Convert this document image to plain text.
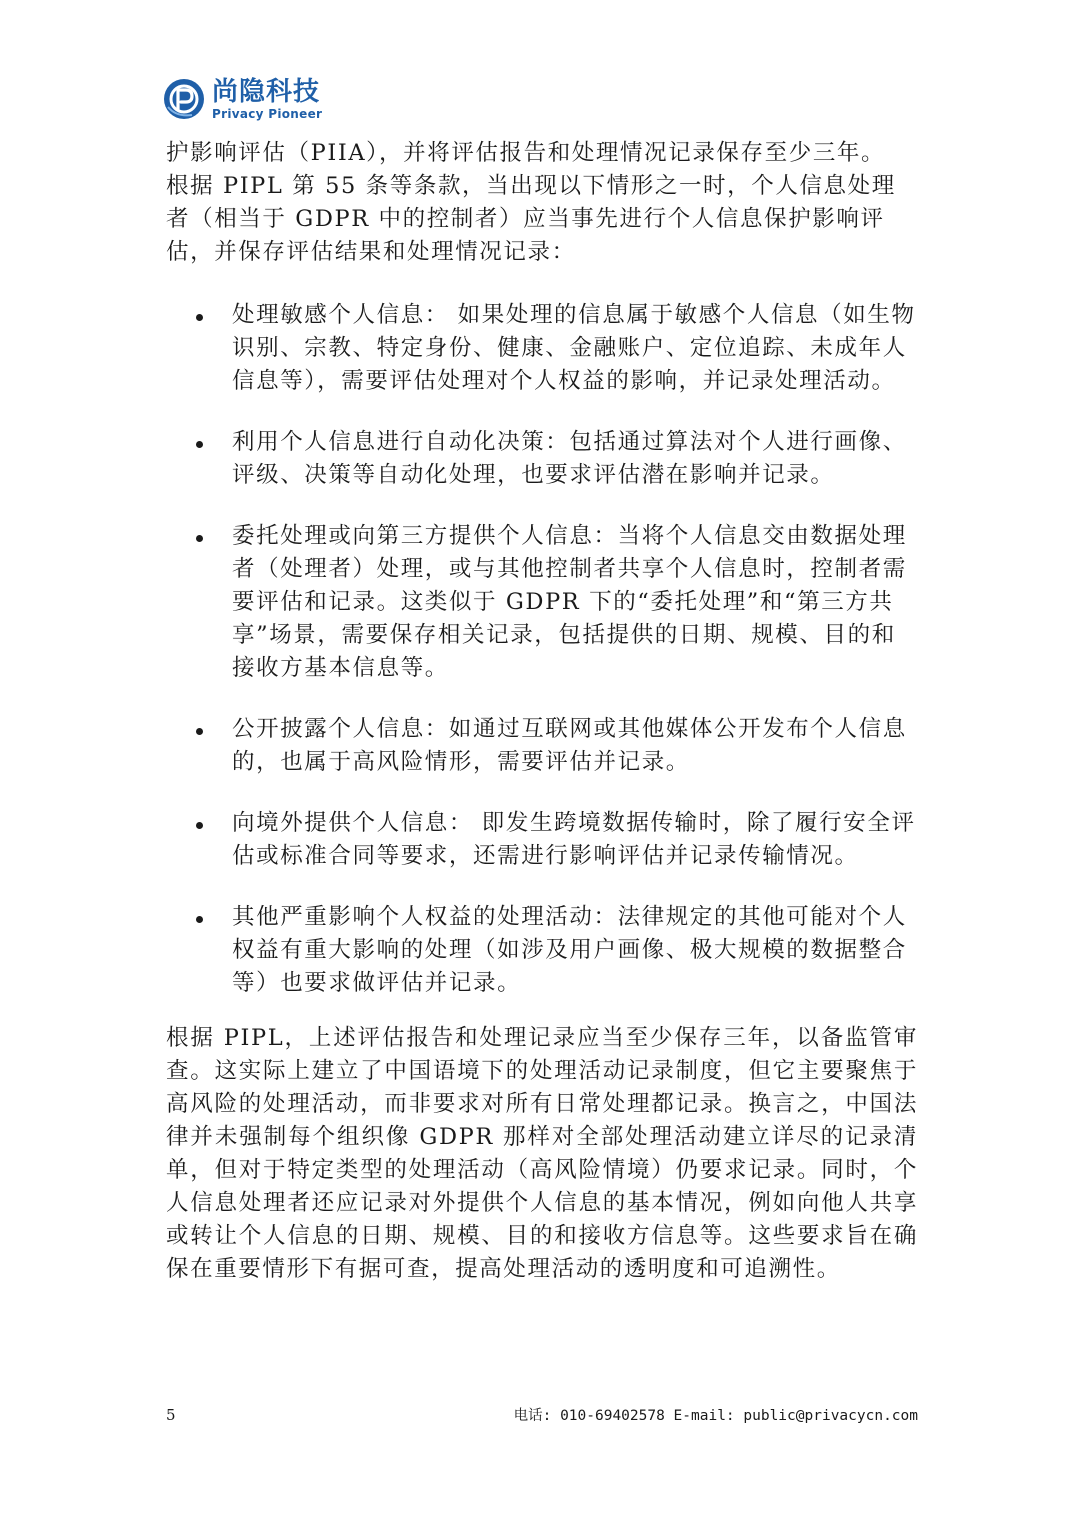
尚隐科技
Privacy Pioneer

护影响评估（PIIA），并将评估报告和处理情况记录保存至少三年。

根据 PIPL 第 55 条等条款，当出现以下情形之一时，个人信息处理者（相当于 GDPR 中的控制者）应当事先进行个人信息保护影响评估，并保存评估结果和处理情况记录：

处理敏感个人信息： 如果处理的信息属于敏感个人信息（如生物识别、宗教、特定身份、健康、金融账户、定位追踪、未成年人信息等），需要评估处理对个人权益的影响，并记录处理活动。
利用个人信息进行自动化决策：包括通过算法对个人进行画像、评级、决策等自动化处理，也要求评估潜在影响并记录。
委托处理或向第三方提供个人信息：当将个人信息交由数据处理者（处理者）处理，或与其他控制者共享个人信息时，控制者需要评估和记录。这类似于 GDPR 下的“委托处理”和“第三方共享”场景，需要保存相关记录，包括提供的日期、规模、目的和接收方基本信息等。
公开披露个人信息：如通过互联网或其他媒体公开发布个人信息的，也属于高风险情形，需要评估并记录。
向境外提供个人信息： 即发生跨境数据传输时，除了履行安全评估或标准合同等要求，还需进行影响评估并记录传输情况。
其他严重影响个人权益的处理活动：法律规定的其他可能对个人权益有重大影响的处理（如涉及用户画像、极大规模的数据整合等）也要求做评估并记录。

根据 PIPL，上述评估报告和处理记录应当至少保存三年，以备监管审查。这实际上建立了中国语境下的处理活动记录制度，但它主要聚焦于高风险的处理活动，而非要求对所有日常处理都记录。换言之，中国法律并未强制每个组织像 GDPR 那样对全部处理活动建立详尽的记录清单，但对于特定类型的处理活动（高风险情境）仍要求记录。同时，个人信息处理者还应记录对外提供个人信息的基本情况，例如向他人共享或转让个人信息的日期、规模、目的和接收方信息等。这些要求旨在确保在重要情形下有据可查，提高处理活动的透明度和可追溯性。

5	电话: 010-69402578 E-mail: public@privacycn.com
